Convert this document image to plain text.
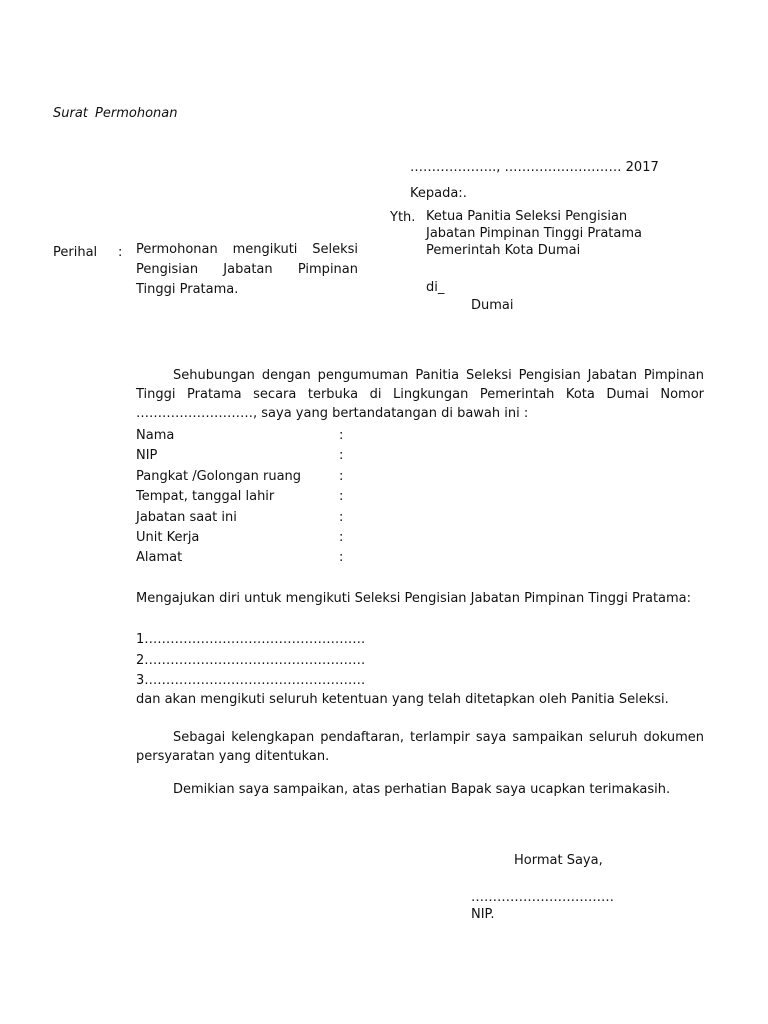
Surat Permohonan
……………….., ……………………… 2017
Kepada:.
Yth. Ketua Panitia Seleksi Pengisian
Jabatan Pimpinan Tinggi Pratama
Pemerintah Kota Dumai
di_
Dumai
Perihal : Permohonan mengikuti Seleksi Pengisian Jabatan Pimpinan Tinggi Pratama.
Sehubungan dengan pengumuman Panitia Seleksi Pengisian Jabatan Pimpinan Tinggi Pratama secara terbuka di Lingkungan Pemerintah Kota Dumai Nomor ………………………, saya yang bertandatangan di bawah ini :
Nama	:
NIP	:
Pangkat /Golongan ruang	:
Tempat, tanggal lahir	:
Jabatan saat ini	:
Unit Kerja	:
Alamat	:
Mengajukan diri untuk mengikuti Seleksi Pengisian Jabatan Pimpinan Tinggi Pratama:
1……………………………………………
2……………………………………………
3……………………………………………
dan akan mengikuti seluruh ketentuan yang telah ditetapkan oleh Panitia Seleksi.
Sebagai kelengkapan pendaftaran, terlampir saya sampaikan seluruh dokumen persyaratan yang ditentukan.
Demikian saya sampaikan, atas perhatian Bapak saya ucapkan terimakasih.
Hormat Saya,
……………………………
NIP.
